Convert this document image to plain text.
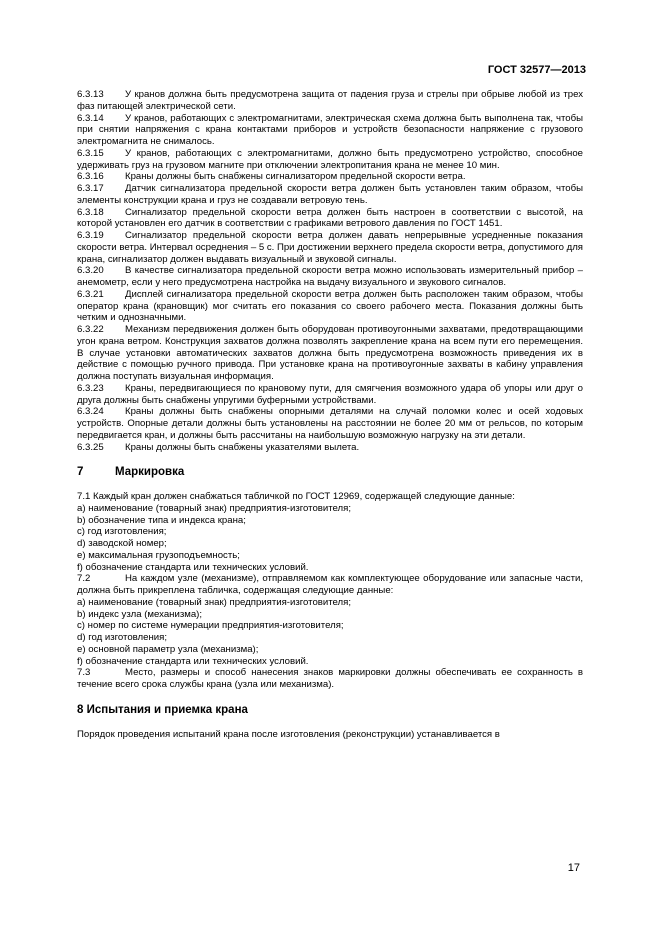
ГОСТ 32577—2013

6.3.13 У кранов должна быть предусмотрена защита от падения груза и стрелы при обрыве любой из трех фаз питающей электрической сети.

6.3.14 У кранов, работающих с электромагнитами, электрическая схема должна быть выполнена так, чтобы при снятии напряжения с крана контактами приборов и устройств безопасности напряжение с грузового электромагнита не снималось.

6.3.15 У кранов, работающих с электромагнитами, должно быть предусмотрено устройство, способное удерживать груз на грузовом магните при отключении электропитания крана не менее 10 мин.

6.3.16 Краны должны быть снабжены сигнализатором предельной скорости ветра.

6.3.17 Датчик сигнализатора предельной скорости ветра должен быть установлен таким образом, чтобы элементы конструкции крана и груз не создавали ветровую тень.

6.3.18 Сигнализатор предельной скорости ветра должен быть настроен в соответствии с высотой, на которой установлен его датчик в соответствии с графиками ветрового давления по ГОСТ 1451.

6.3.19 Сигнализатор предельной скорости ветра должен давать непрерывные усредненные показания скорости ветра. Интервал осреднения – 5 с. При достижении верхнего предела скорости ветра, допустимого для крана, сигнализатор должен выдавать визуальный и звуковой сигналы.

6.3.20 В качестве сигнализатора предельной скорости ветра можно использовать измерительный прибор – анемометр, если у него предусмотрена настройка на выдачу визуального и звукового сигналов.

6.3.21 Дисплей сигнализатора предельной скорости ветра должен быть расположен таким образом, чтобы оператор крана (крановщик) мог считать его показания со своего рабочего места. Показания должны быть четким и однозначными.

6.3.22 Механизм передвижения должен быть оборудован противоугонными захватами, предотвращающими угон крана ветром. Конструкция захватов должна позволять закрепление крана на всем пути его перемещения. В случае установки автоматических захватов должна быть предусмотрена возможность приведения их в действие с помощью ручного привода. При установке крана на противоугонные захваты в кабину управления должна поступать визуальная информация.

6.3.23 Краны, передвигающиеся по крановому пути, для смягчения возможного удара об упоры или друг о друга должны быть снабжены упругими буферными устройствами.

6.3.24 Краны должны быть снабжены опорными деталями на случай поломки колес и осей ходовых устройств. Опорные детали должны быть установлены на расстоянии не более 20 мм от рельсов, по которым передвигается кран, и должны быть рассчитаны на наибольшую возможную нагрузку на эти детали.

6.3.25 Краны должны быть снабжены указателями вылета.

7	Маркировка

7.1 Каждый кран должен снабжаться табличкой по ГОСТ 12969, содержащей следующие данные:

a) наименование (товарный знак) предприятия-изготовителя;
b) обозначение типа и индекса крана;
c) год изготовления;
d) заводской номер;
e) максимальная грузоподъемность;
f) обозначение стандарта или технических условий.

7.2	На каждом узле (механизме), отправляемом как комплектующее оборудование или запасные части, должна быть прикреплена табличка, содержащая следующие данные:

a) наименование (товарный знак) предприятия-изготовителя;
b) индекс узла (механизма);
c) номер по системе нумерации предприятия-изготовителя;
d) год изготовления;
e) основной параметр узла (механизма);
f) обозначение стандарта или технических условий.

7.3	Место, размеры и способ нанесения знаков маркировки должны обеспечивать ее сохранность в течение всего срока службы крана (узла или механизма).

8 Испытания и приемка крана

Порядок проведения испытаний крана после изготовления (реконструкции) устанавливается в

17
